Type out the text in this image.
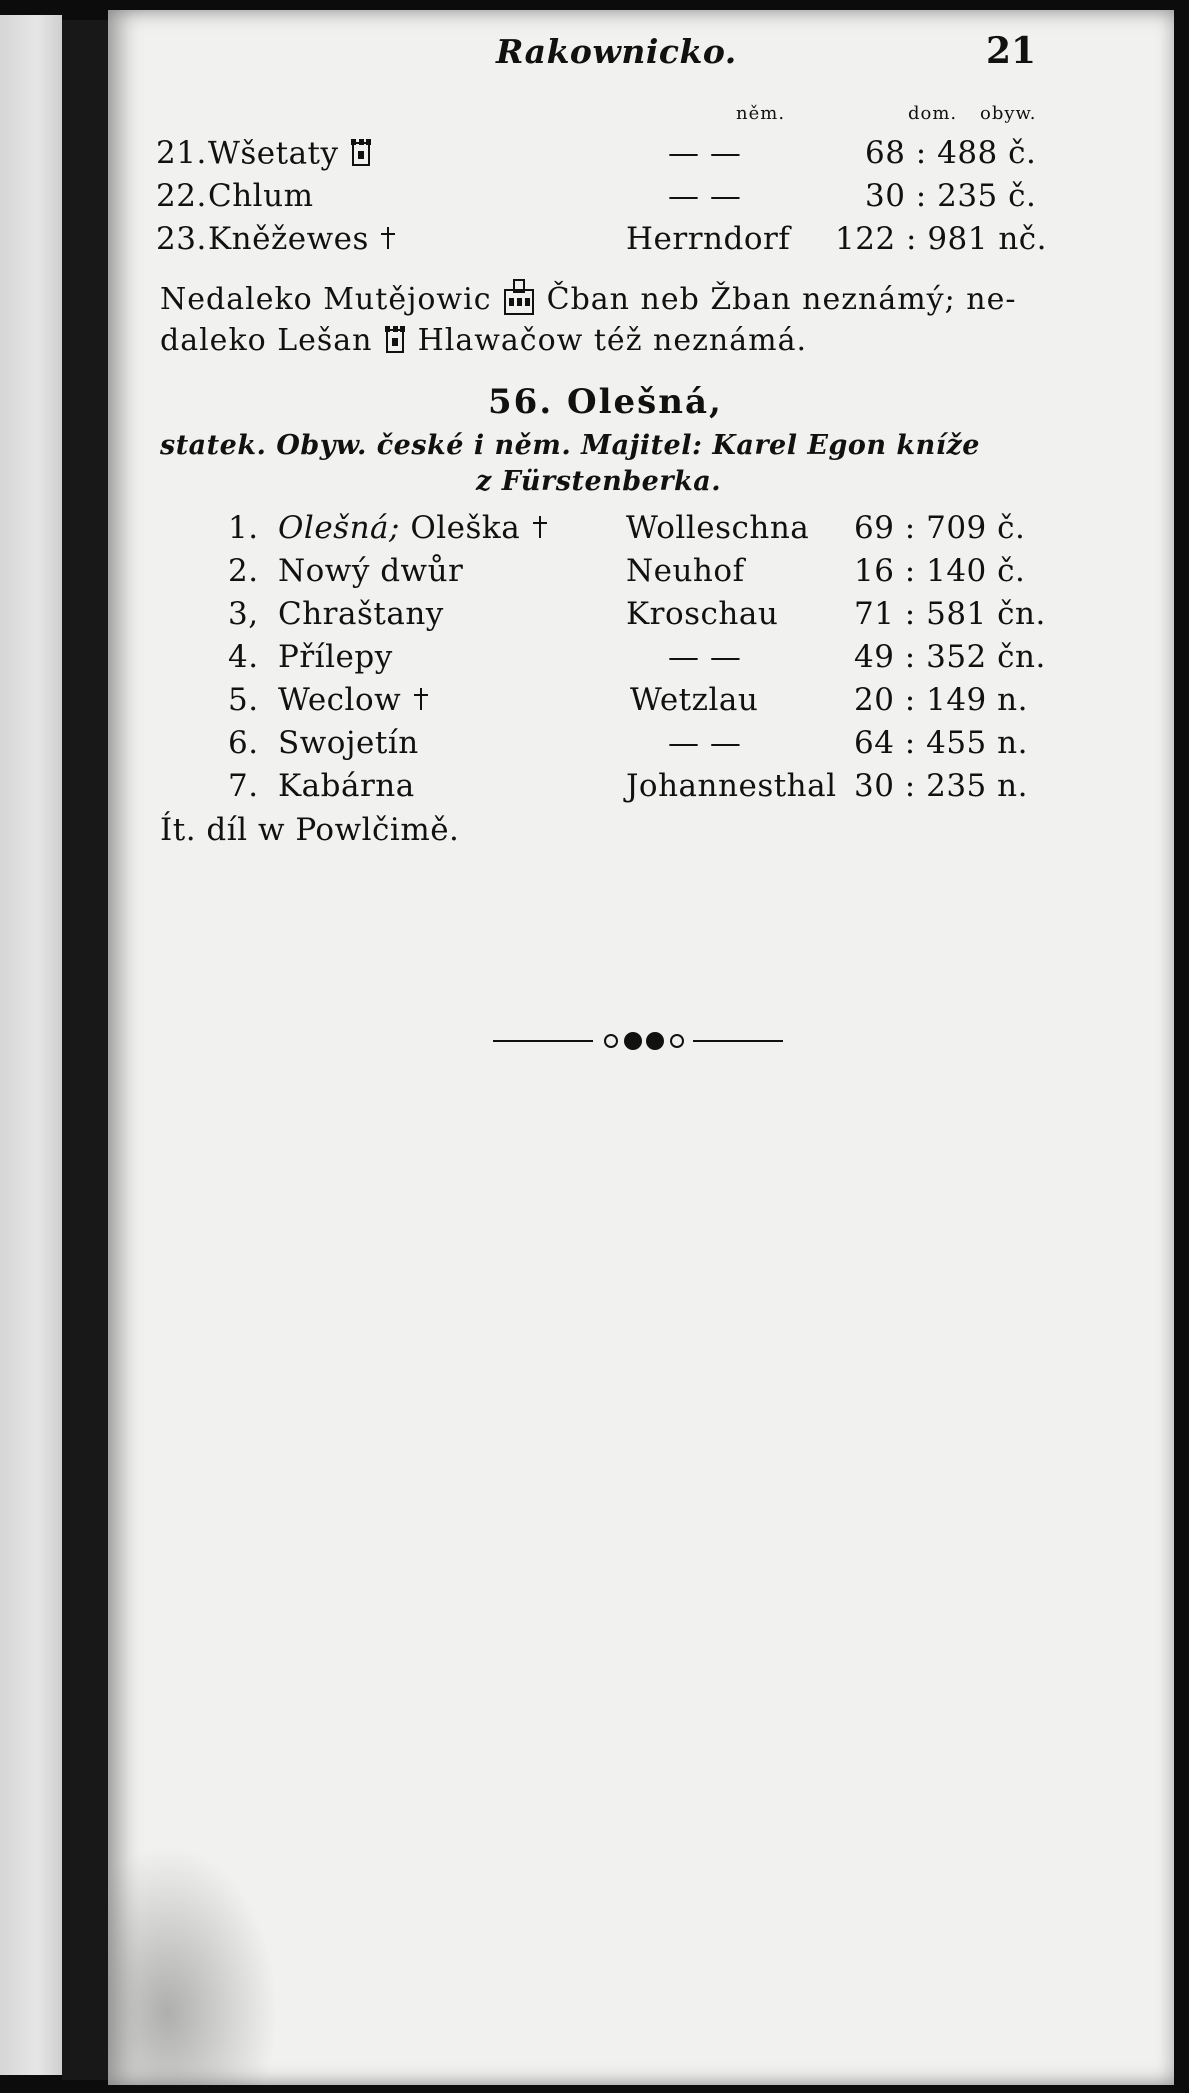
Rakownicko.	21
něm.	dom. obyw.
21. Wšetaty	— —	68 : 488 č.
22. Chlum	— —	30 : 235 č.
23. Kněžewes	Herrndorf 122 : 981 nč.
Nedaleko Mutějowic Čban neb Žban neznámý; ne-
daleko Lešan Hlawačow též neznámá.
56. Olešná,
statek. Obyw. české i něm. Majitel: Karel Egon kníže
z Fürstenberka.
1. Olešná; Oleška	Wolleschna 69 : 709 č.
2. Nowý dwůr	Neuhof	16 : 140 č.
3, Chraštany	Kroschau 71 : 581 čn.
4. Přílepy	— —	49 : 352 čn.
5. Weclow	Wetzlau	20 : 149 n.
6. Swojetín	— —	64 : 455 n.
7. Kabárna	Johannesthal 30 : 235 n.
Ít. díl w Powlčimě.
